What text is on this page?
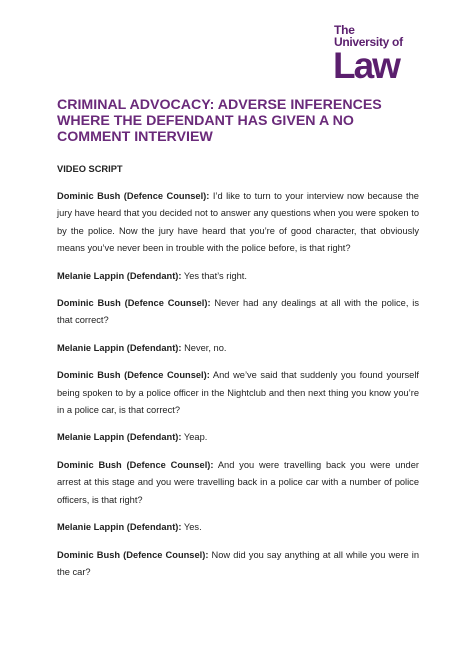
The
University of
Law
CRIMINAL ADVOCACY: ADVERSE INFERENCES WHERE THE DEFENDANT HAS GIVEN A NO COMMENT INTERVIEW
VIDEO SCRIPT

Dominic Bush (Defence Counsel): I’d like to turn to your interview now because the jury have heard that you decided not to answer any questions when you were spoken to by the police. Now the jury have heard that you’re of good character, that obviously means you’ve never been in trouble with the police before, is that right?

Melanie Lappin (Defendant): Yes that’s right.

Dominic Bush (Defence Counsel): Never had any dealings at all with the police, is that correct?

Melanie Lappin (Defendant): Never, no.

Dominic Bush (Defence Counsel): And we’ve said that suddenly you found yourself being spoken to by a police officer in the Nightclub and then next thing you know you’re in a police car, is that correct?

Melanie Lappin (Defendant): Yeap.

Dominic Bush (Defence Counsel): And you were travelling back you were under arrest at this stage and you were travelling back in a police car with a number of police officers, is that right?

Melanie Lappin (Defendant): Yes.

Dominic Bush (Defence Counsel): Now did you say anything at all while you were in the car?
